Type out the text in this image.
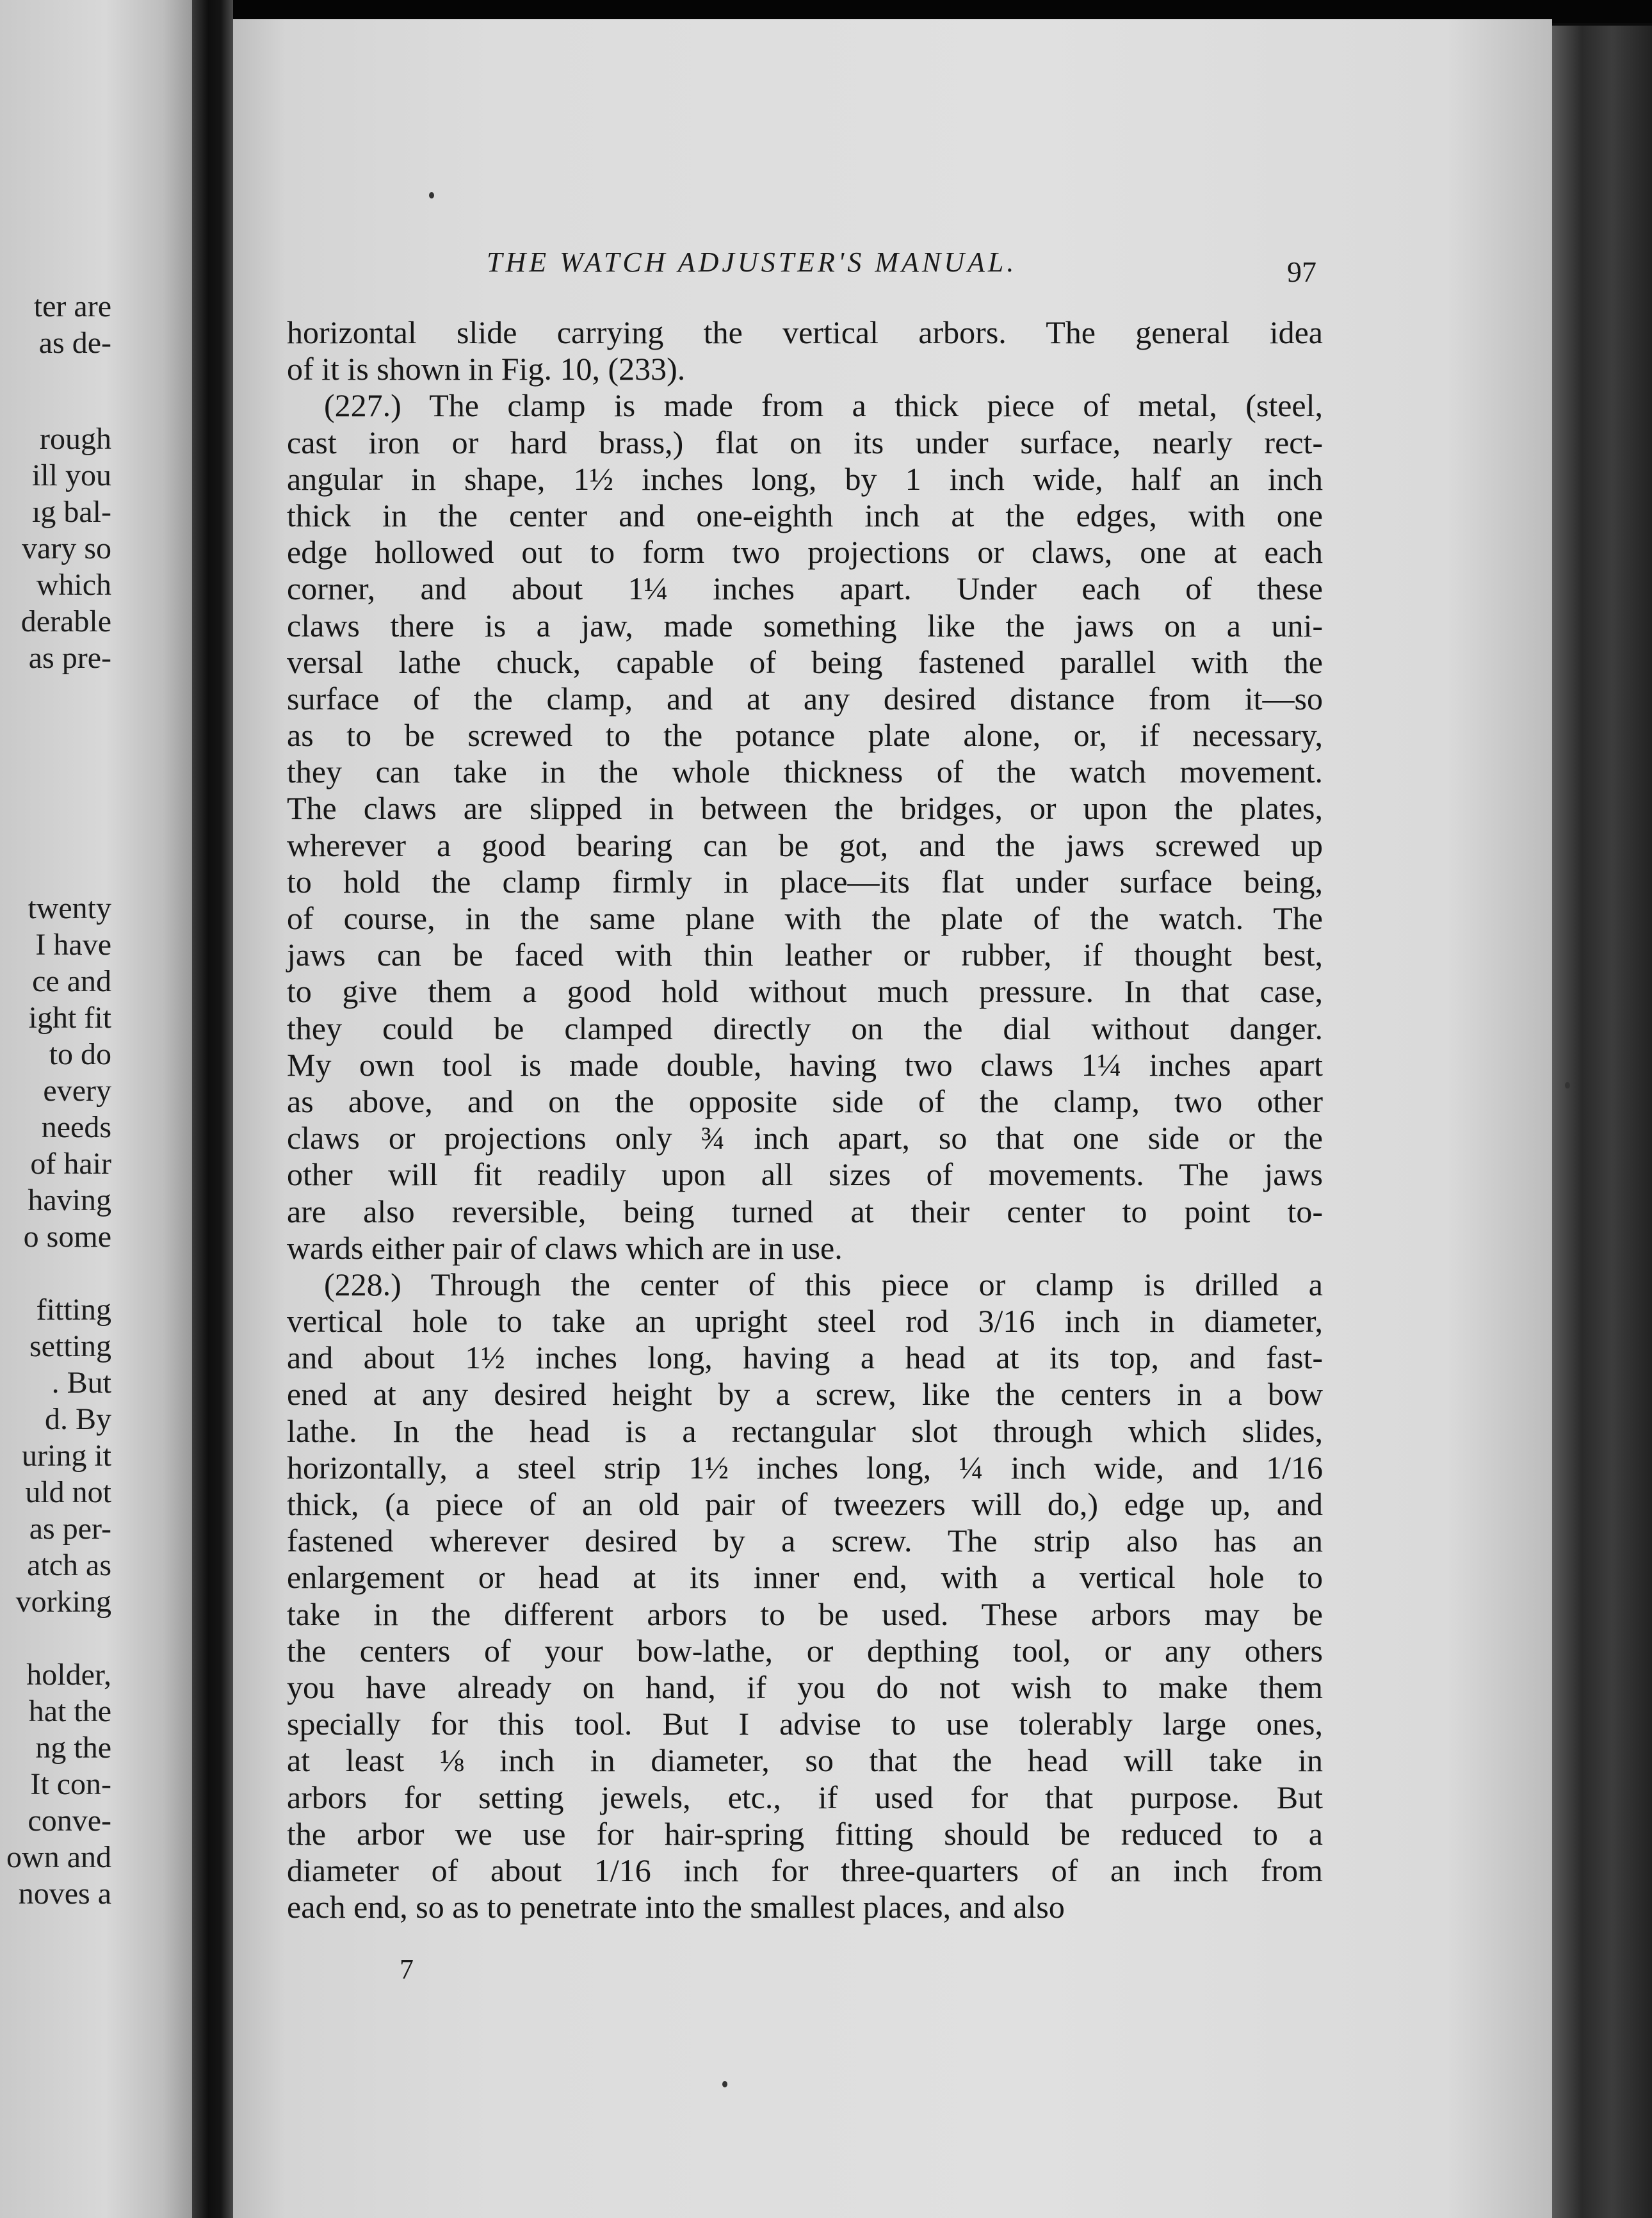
ter are
as de-
rough
ill you
ıg bal-
vary so
which
derable
as pre-
twenty
I have
ce and
ight fit
to do
every
needs
of hair
having
o some
fitting
setting
. But
d. By
uring it
uld not
as per-
atch as
vorking
holder,
hat the
ng the
It con-
conve-
own and
noves a
THE WATCH ADJUSTER'S MANUAL.	97
horizontal slide carrying the vertical arbors. The general idea
of it is shown in Fig. 10, (233).
(227.) The clamp is made from a thick piece of metal, (steel,
cast iron or hard brass,) flat on its under surface, nearly rect-
angular in shape, 1½ inches long, by 1 inch wide, half an inch
thick in the center and one-eighth inch at the edges, with one
edge hollowed out to form two projections or claws, one at each
corner, and about 1¼ inches apart. Under each of these
claws there is a jaw, made something like the jaws on a uni-
versal lathe chuck, capable of being fastened parallel with the
surface of the clamp, and at any desired distance from it—so
as to be screwed to the potance plate alone, or, if necessary,
they can take in the whole thickness of the watch movement.
The claws are slipped in between the bridges, or upon the plates,
wherever a good bearing can be got, and the jaws screwed up
to hold the clamp firmly in place—its flat under surface being,
of course, in the same plane with the plate of the watch. The
jaws can be faced with thin leather or rubber, if thought best,
to give them a good hold without much pressure. In that case,
they could be clamped directly on the dial without danger.
My own tool is made double, having two claws 1¼ inches apart
as above, and on the opposite side of the clamp, two other
claws or projections only ¾ inch apart, so that one side or the
other will fit readily upon all sizes of movements. The jaws
are also reversible, being turned at their center to point to-
wards either pair of claws which are in use.
(228.) Through the center of this piece or clamp is drilled a
vertical hole to take an upright steel rod 3/16 inch in diameter,
and about 1½ inches long, having a head at its top, and fast-
ened at any desired height by a screw, like the centers in a bow
lathe. In the head is a rectangular slot through which slides,
horizontally, a steel strip 1½ inches long, ¼ inch wide, and 1/16
thick, (a piece of an old pair of tweezers will do,) edge up, and
fastened wherever desired by a screw. The strip also has an
enlargement or head at its inner end, with a vertical hole to
take in the different arbors to be used. These arbors may be
the centers of your bow-lathe, or depthing tool, or any others
you have already on hand, if you do not wish to make them
specially for this tool. But I advise to use tolerably large ones,
at least ⅛ inch in diameter, so that the head will take in
arbors for setting jewels, etc., if used for that purpose. But
the arbor we use for hair-spring fitting should be reduced to a
diameter of about 1/16 inch for three-quarters of an inch from
each end, so as to penetrate into the smallest places, and also
7
